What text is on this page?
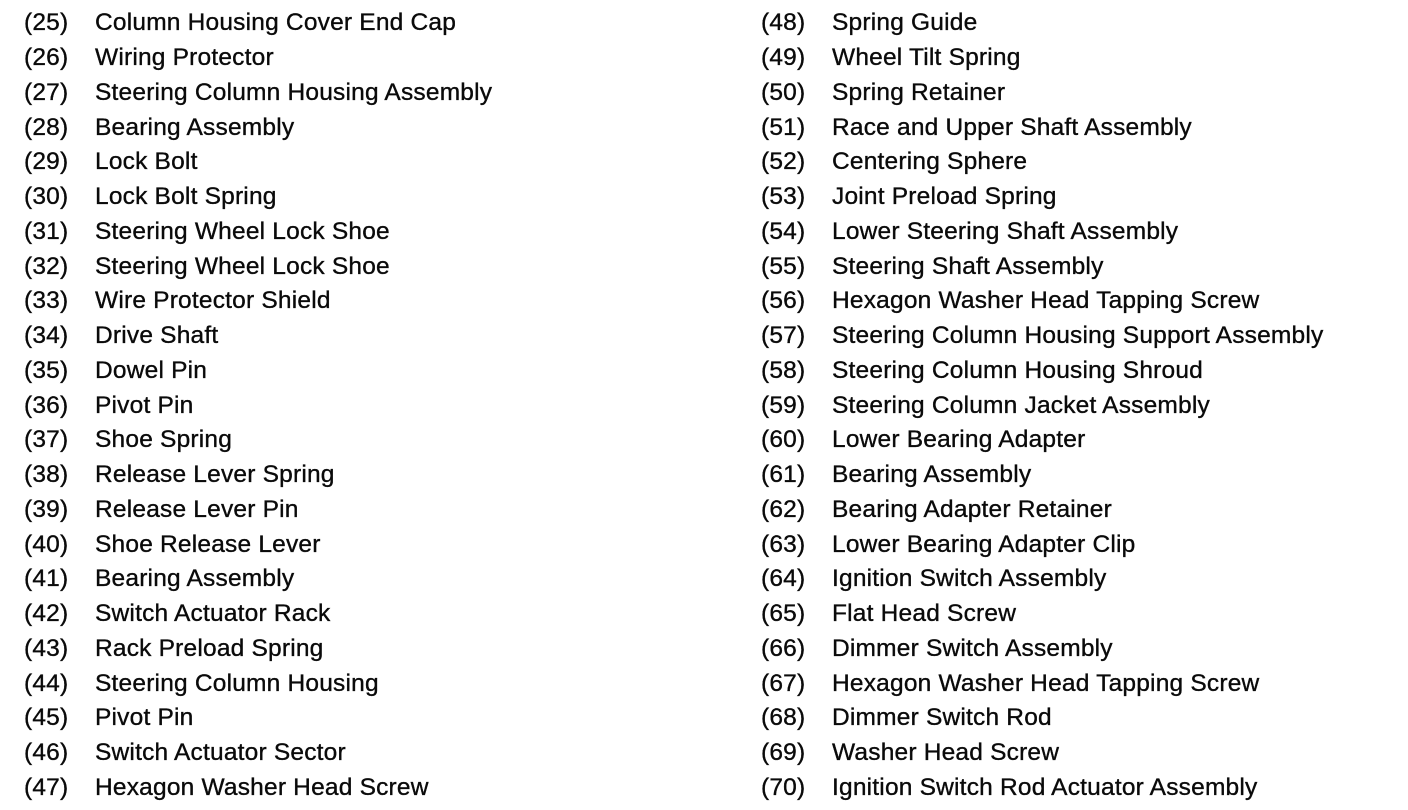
(25)	Column Housing Cover End Cap
(26)	Wiring Protector
(27)	Steering Column Housing Assembly
(28)	Bearing Assembly
(29)	Lock Bolt
(30)	Lock Bolt Spring
(31)	Steering Wheel Lock Shoe
(32)	Steering Wheel Lock Shoe
(33)	Wire Protector Shield
(34)	Drive Shaft
(35)	Dowel Pin
(36)	Pivot Pin
(37)	Shoe Spring
(38)	Release Lever Spring
(39)	Release Lever Pin
(40)	Shoe Release Lever
(41)	Bearing Assembly
(42)	Switch Actuator Rack
(43)	Rack Preload Spring
(44)	Steering Column Housing
(45)	Pivot Pin
(46)	Switch Actuator Sector
(47)	Hexagon Washer Head Screw
(48)	Spring Guide
(49)	Wheel Tilt Spring
(50)	Spring Retainer
(51)	Race and Upper Shaft Assembly
(52)	Centering Sphere
(53)	Joint Preload Spring
(54)	Lower Steering Shaft Assembly
(55)	Steering Shaft Assembly
(56)	Hexagon Washer Head Tapping Screw
(57)	Steering Column Housing Support Assembly
(58)	Steering Column Housing Shroud
(59)	Steering Column Jacket Assembly
(60)	Lower Bearing Adapter
(61)	Bearing Assembly
(62)	Bearing Adapter Retainer
(63)	Lower Bearing Adapter Clip
(64)	Ignition Switch Assembly
(65)	Flat Head Screw
(66)	Dimmer Switch Assembly
(67)	Hexagon Washer Head Tapping Screw
(68)	Dimmer Switch Rod
(69)	Washer Head Screw
(70)	Ignition Switch Rod Actuator Assembly
